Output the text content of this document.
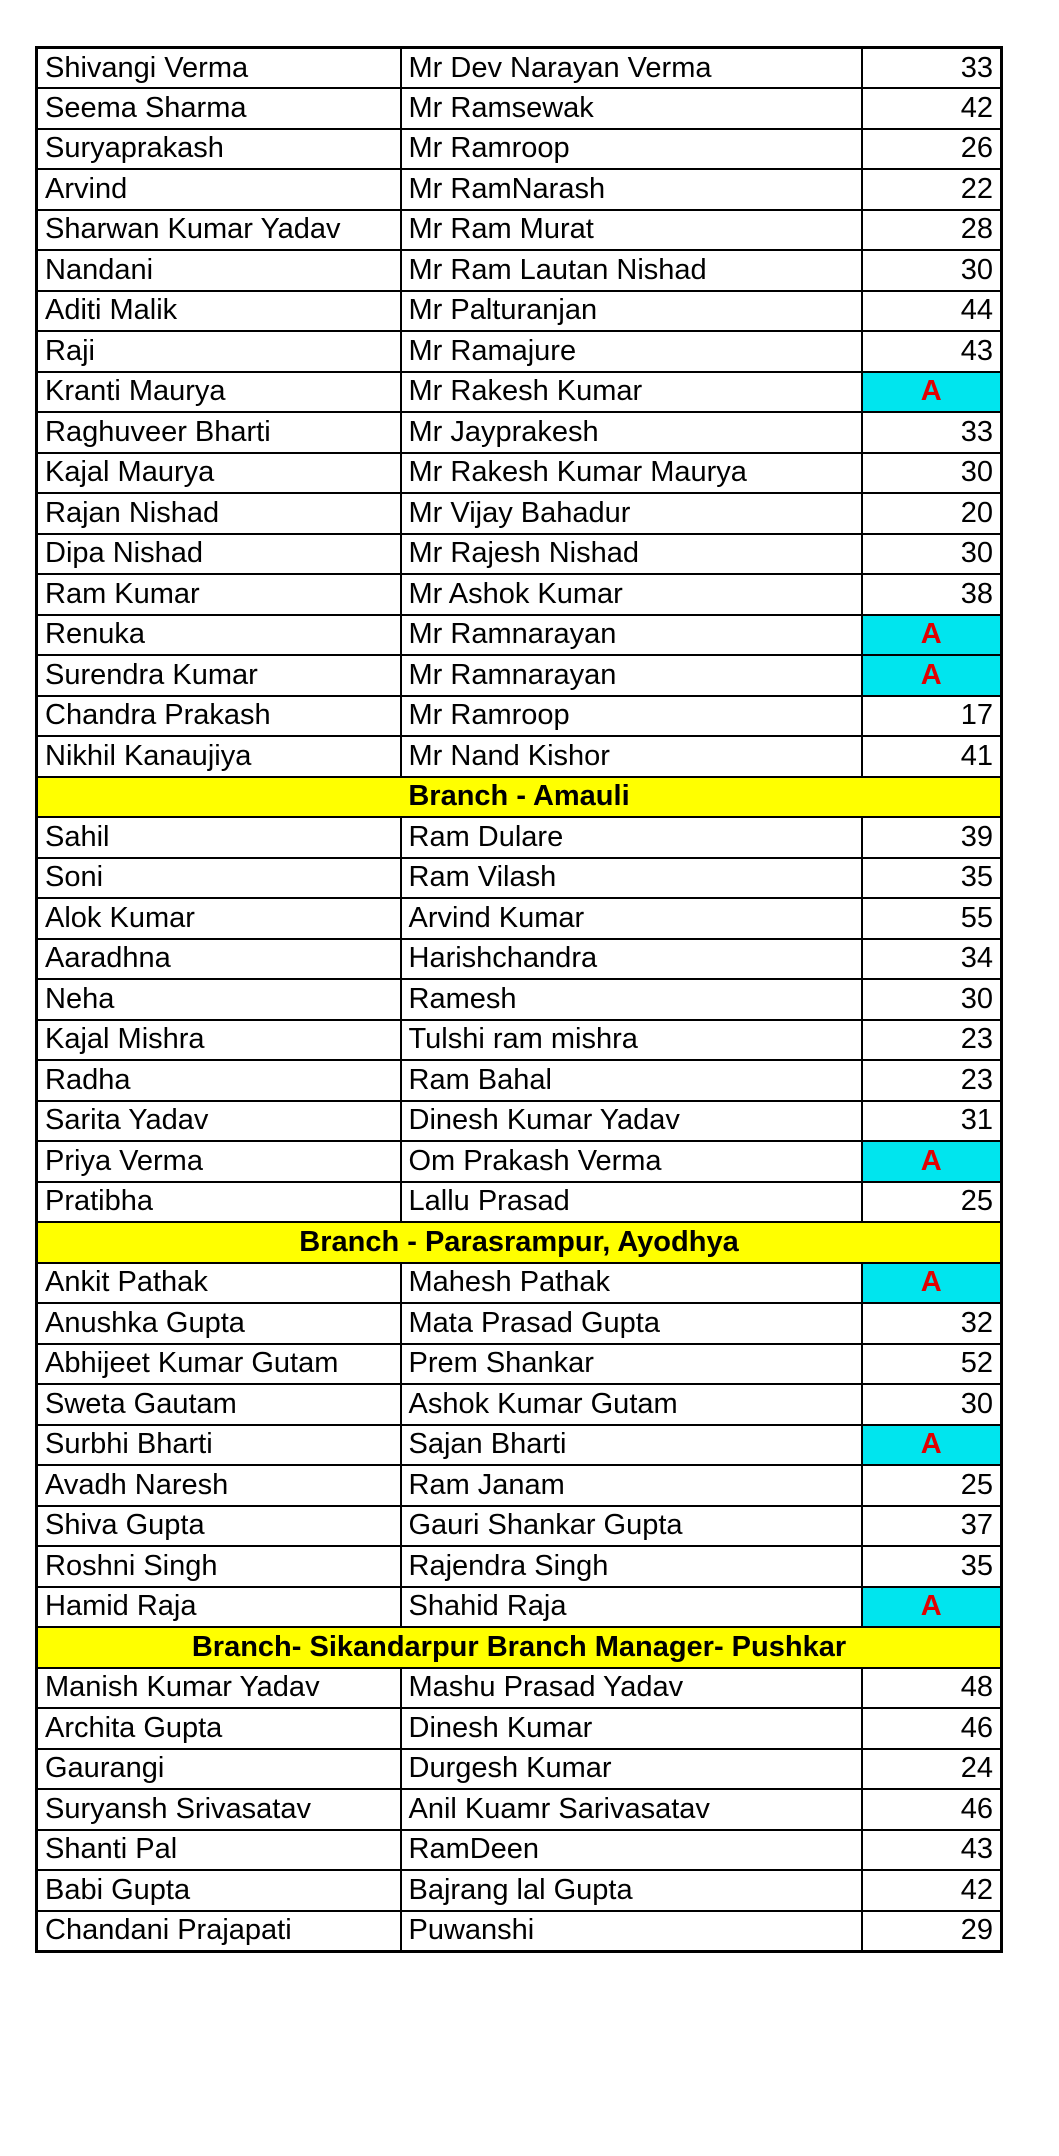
Shivangi Verma	Mr Dev Narayan Verma	33
Seema Sharma	Mr Ramsewak	42
Suryaprakash	Mr Ramroop	26
Arvind	Mr RamNarash	22
Sharwan Kumar Yadav	Mr Ram Murat	28
Nandani	Mr Ram Lautan Nishad	30
Aditi Malik	Mr Palturanjan	44
Raji	Mr Ramajure	43
Kranti Maurya	Mr Rakesh Kumar	A
Raghuveer Bharti	Mr Jayprakesh	33
Kajal Maurya	Mr Rakesh Kumar Maurya	30
Rajan Nishad	Mr Vijay Bahadur	20
Dipa Nishad	Mr Rajesh Nishad	30
Ram Kumar	Mr Ashok Kumar	38
Renuka	Mr Ramnarayan	A
Surendra Kumar	Mr Ramnarayan	A
Chandra Prakash	Mr Ramroop	17
Nikhil Kanaujiya	Mr Nand Kishor	41
Branch - Amauli		
Sahil	Ram Dulare	39
Soni	Ram Vilash	35
Alok Kumar	Arvind Kumar	55
Aaradhna	Harishchandra	34
Neha	Ramesh	30
Kajal Mishra	Tulshi ram mishra	23
Radha	Ram Bahal	23
Sarita Yadav	Dinesh Kumar Yadav	31
Priya Verma	Om Prakash Verma	A
Pratibha	Lallu Prasad	25
Branch - Parasrampur, Ayodhya		
Ankit Pathak	Mahesh Pathak	A
Anushka Gupta	Mata Prasad Gupta	32
Abhijeet Kumar Gutam	Prem Shankar	52
Sweta Gautam	Ashok Kumar Gutam	30
Surbhi Bharti	Sajan Bharti	A
Avadh Naresh	Ram Janam	25
Shiva Gupta	Gauri Shankar Gupta	37
Roshni Singh	Rajendra Singh	35
Hamid Raja	Shahid Raja	A
Branch- Sikandarpur Branch Manager- Pushkar		
Manish Kumar Yadav	Mashu Prasad Yadav	48
Archita Gupta	Dinesh Kumar	46
Gaurangi	Durgesh Kumar	24
Suryansh Srivasatav	Anil Kuamr Sarivasatav	46
Shanti Pal	RamDeen	43
Babi Gupta	Bajrang lal Gupta	42
Chandani Prajapati	Puwanshi	29
